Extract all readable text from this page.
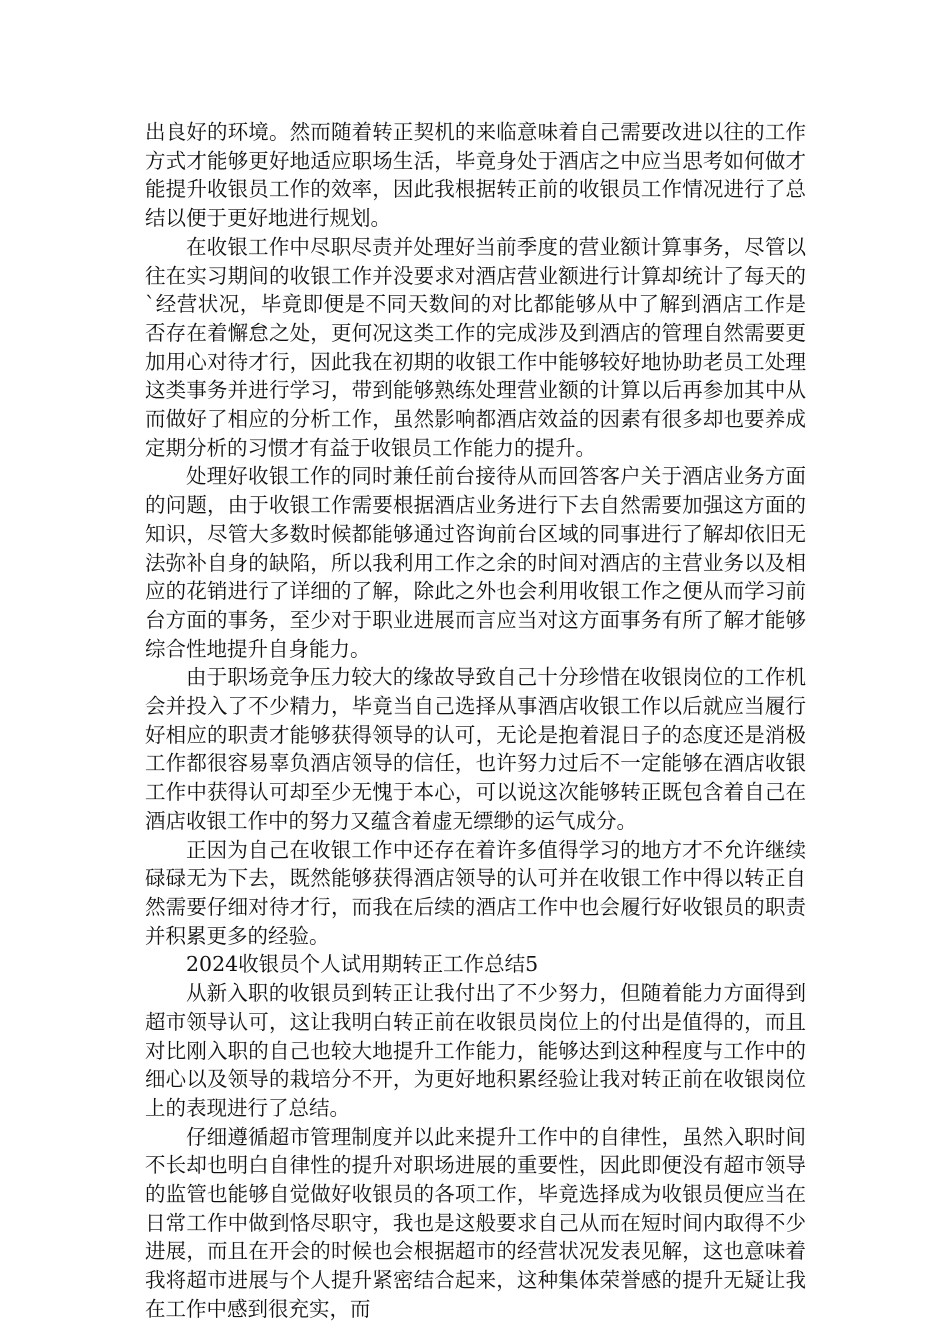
出良好的环境。然而随着转正契机的来临意味着自己需要改进以往的工作方式才能够更好地适应职场生活，毕竟身处于酒店之中应当思考如何做才能提升收银员工作的效率，因此我根据转正前的收银员工作情况进行了总结以便于更好地进行规划。

在收银工作中尽职尽责并处理好当前季度的营业额计算事务，尽管以往在实习期间的收银工作并没要求对酒店营业额进行计算却统计了每天的`经营状况，毕竟即便是不同天数间的对比都能够从中了解到酒店工作是否存在着懈怠之处，更何况这类工作的完成涉及到酒店的管理自然需要更加用心对待才行，因此我在初期的收银工作中能够较好地协助老员工处理这类事务并进行学习，带到能够熟练处理营业额的计算以后再参加其中从而做好了相应的分析工作，虽然影响都酒店效益的因素有很多却也要养成定期分析的习惯才有益于收银员工作能力的提升。

处理好收银工作的同时兼任前台接待从而回答客户关于酒店业务方面的问题，由于收银工作需要根据酒店业务进行下去自然需要加强这方面的知识，尽管大多数时候都能够通过咨询前台区域的同事进行了解却依旧无法弥补自身的缺陷，所以我利用工作之余的时间对酒店的主营业务以及相应的花销进行了详细的了解，除此之外也会利用收银工作之便从而学习前台方面的事务，至少对于职业进展而言应当对这方面事务有所了解才能够综合性地提升自身能力。

由于职场竞争压力较大的缘故导致自己十分珍惜在收银岗位的工作机会并投入了不少精力，毕竟当自己选择从事酒店收银工作以后就应当履行好相应的职责才能够获得领导的认可，无论是抱着混日子的态度还是消极工作都很容易辜负酒店领导的信任，也许努力过后不一定能够在酒店收银工作中获得认可却至少无愧于本心，可以说这次能够转正既包含着自己在酒店收银工作中的努力又蕴含着虚无缥缈的运气成分。

正因为自己在收银工作中还存在着许多值得学习的地方才不允许继续碌碌无为下去，既然能够获得酒店领导的认可并在收银工作中得以转正自然需要仔细对待才行，而我在后续的酒店工作中也会履行好收银员的职责并积累更多的经验。

2024收银员个人试用期转正工作总结5

从新入职的收银员到转正让我付出了不少努力，但随着能力方面得到超市领导认可，这让我明白转正前在收银员岗位上的付出是值得的，而且对比刚入职的自己也较大地提升工作能力，能够达到这种程度与工作中的细心以及领导的栽培分不开，为更好地积累经验让我对转正前在收银岗位上的表现进行了总结。

仔细遵循超市管理制度并以此来提升工作中的自律性，虽然入职时间不长却也明白自律性的提升对职场进展的重要性，因此即便没有超市领导的监管也能够自觉做好收银员的各项工作，毕竟选择成为收银员便应当在日常工作中做到恪尽职守，我也是这般要求自己从而在短时间内取得不少进展，而且在开会的时候也会根据超市的经营状况发表见解，这也意味着我将超市进展与个人提升紧密结合起来，这种集体荣誉感的提升无疑让我在工作中感到很充实，而
